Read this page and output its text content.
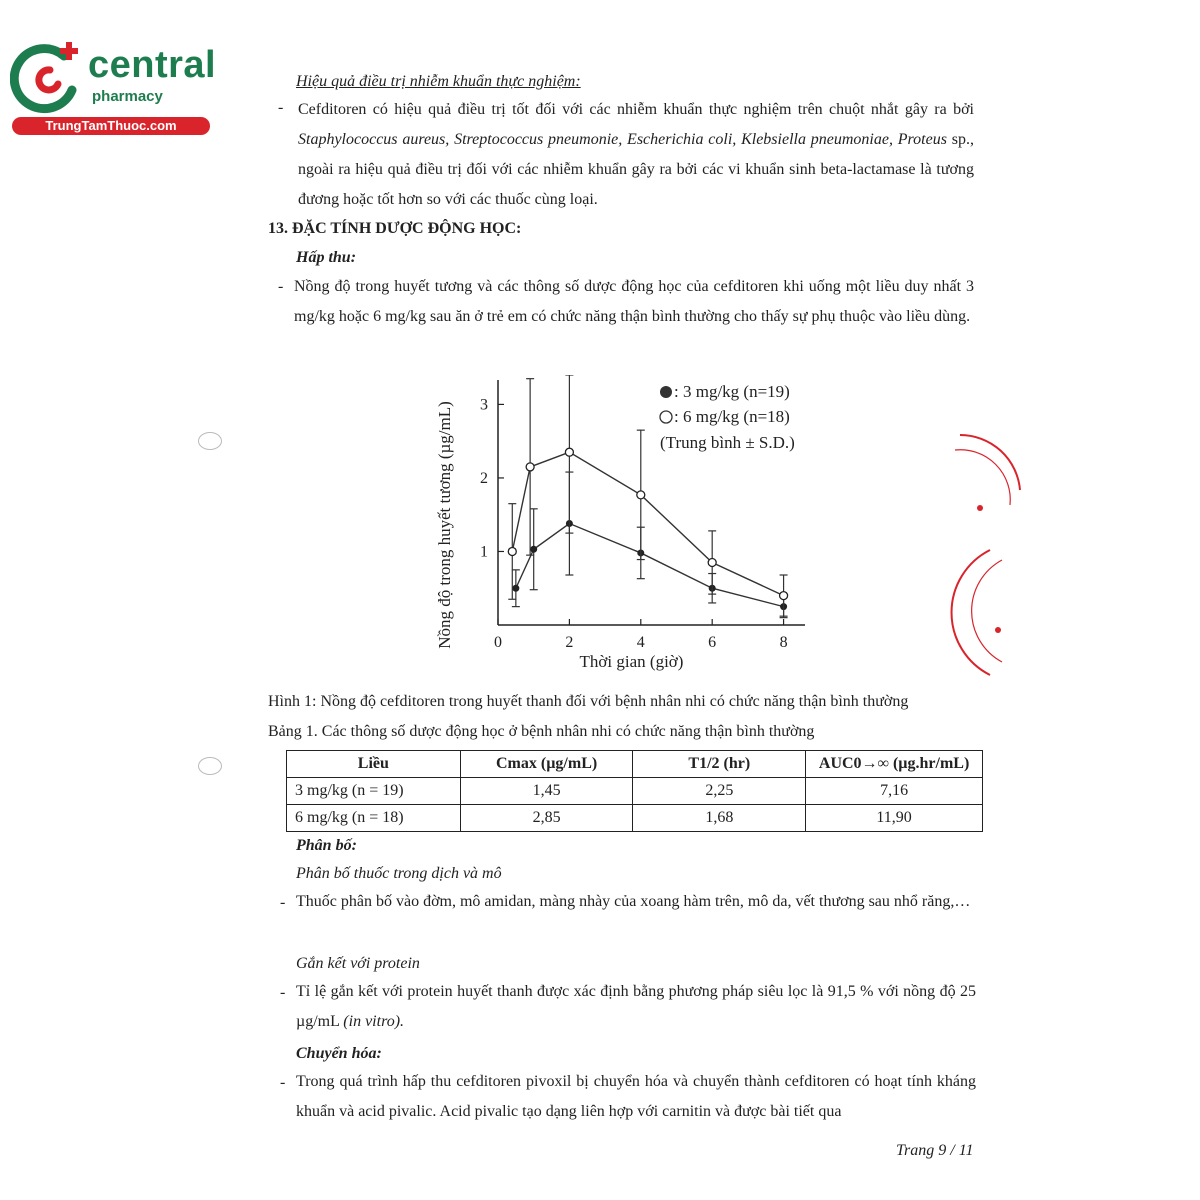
central
pharmacy
TrungTamThuoc.com
Hiệu quả điều trị nhiễm khuẩn thực nghiệm:
- Cefditoren có hiệu quả điều trị tốt đối với các nhiễm khuẩn thực nghiệm trên chuột nhắt gây ra bởi Staphylococcus aureus, Streptococcus pneumonie, Escherichia coli, Klebsiella pneumoniae, Proteus sp., ngoài ra hiệu quả điều trị đối với các nhiễm khuẩn gây ra bởi các vi khuẩn sinh beta-lactamase là tương đương hoặc tốt hơn so với các thuốc cùng loại.
13. ĐẶC TÍNH DƯỢC ĐỘNG HỌC:
Hấp thu:
- Nồng độ trong huyết tương và các thông số dược động học của cefditoren khi uống một liều duy nhất 3 mg/kg hoặc 6 mg/kg sau ăn ở trẻ em có chức năng thận bình thường cho thấy sự phụ thuộc vào liều dùng.
0	2	4	6	8
1
2
3
Thời gian (giờ)
Nồng độ trong huyết tương (µg/mL)
: 3 mg/kg (n=19)
: 6 mg/kg (n=18)
(Trung bình ± S.D.)
Hình 1: Nồng độ cefditoren trong huyết thanh đối với bệnh nhân nhi có chức năng thận bình thường
Bảng 1. Các thông số dược động học ở bệnh nhân nhi có chức năng thận bình thường
Liều	Cmax (µg/mL)	T1/2 (hr)	AUC0→∞ (µg.hr/mL)
3 mg/kg (n = 19)	1,45	2,25	7,16
6 mg/kg (n = 18)	2,85	1,68	11,90
Phân bố:
Phân bố thuốc trong dịch và mô
- Thuốc phân bố vào đờm, mô amidan, màng nhày của xoang hàm trên, mô da, vết thương sau nhổ răng,…
Gắn kết với protein
- Tỉ lệ gắn kết với protein huyết thanh được xác định bằng phương pháp siêu lọc là 91,5 % với nồng độ 25 µg/mL (in vitro).
Chuyển hóa:
- Trong quá trình hấp thu cefditoren pivoxil bị chuyển hóa và chuyển thành cefditoren có hoạt tính kháng khuẩn và acid pivalic. Acid pivalic tạo dạng liên hợp với carnitin và được bài tiết qua
Trang 9 / 11
